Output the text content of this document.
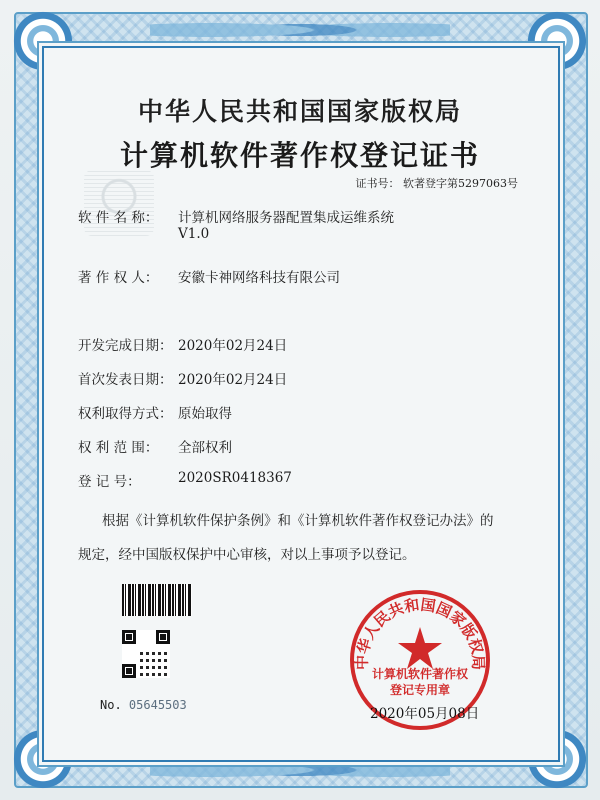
中华人民共和国国家版权局
计算机软件著作权登记证书
证书号： 软著登字第5297063号
软 件 名 称： 计算机网络服务器配置集成运维系统
V1.0
著 作 权 人： 安徽卡神网络科技有限公司
开发完成日期： 2020年02月24日
首次发表日期： 2020年02月24日
权利取得方式： 原始取得
权 利 范 围： 全部权利
登 记 号：	2020SR0418367
根据《计算机软件保护条例》和《计算机软件著作权登记办法》的
规定，经中国版权保护中心审核，对以上事项予以登记。
No. 05645503
中华人民共和国国家版权局
计算机软件著作权
登记专用章
2020年05月08日
